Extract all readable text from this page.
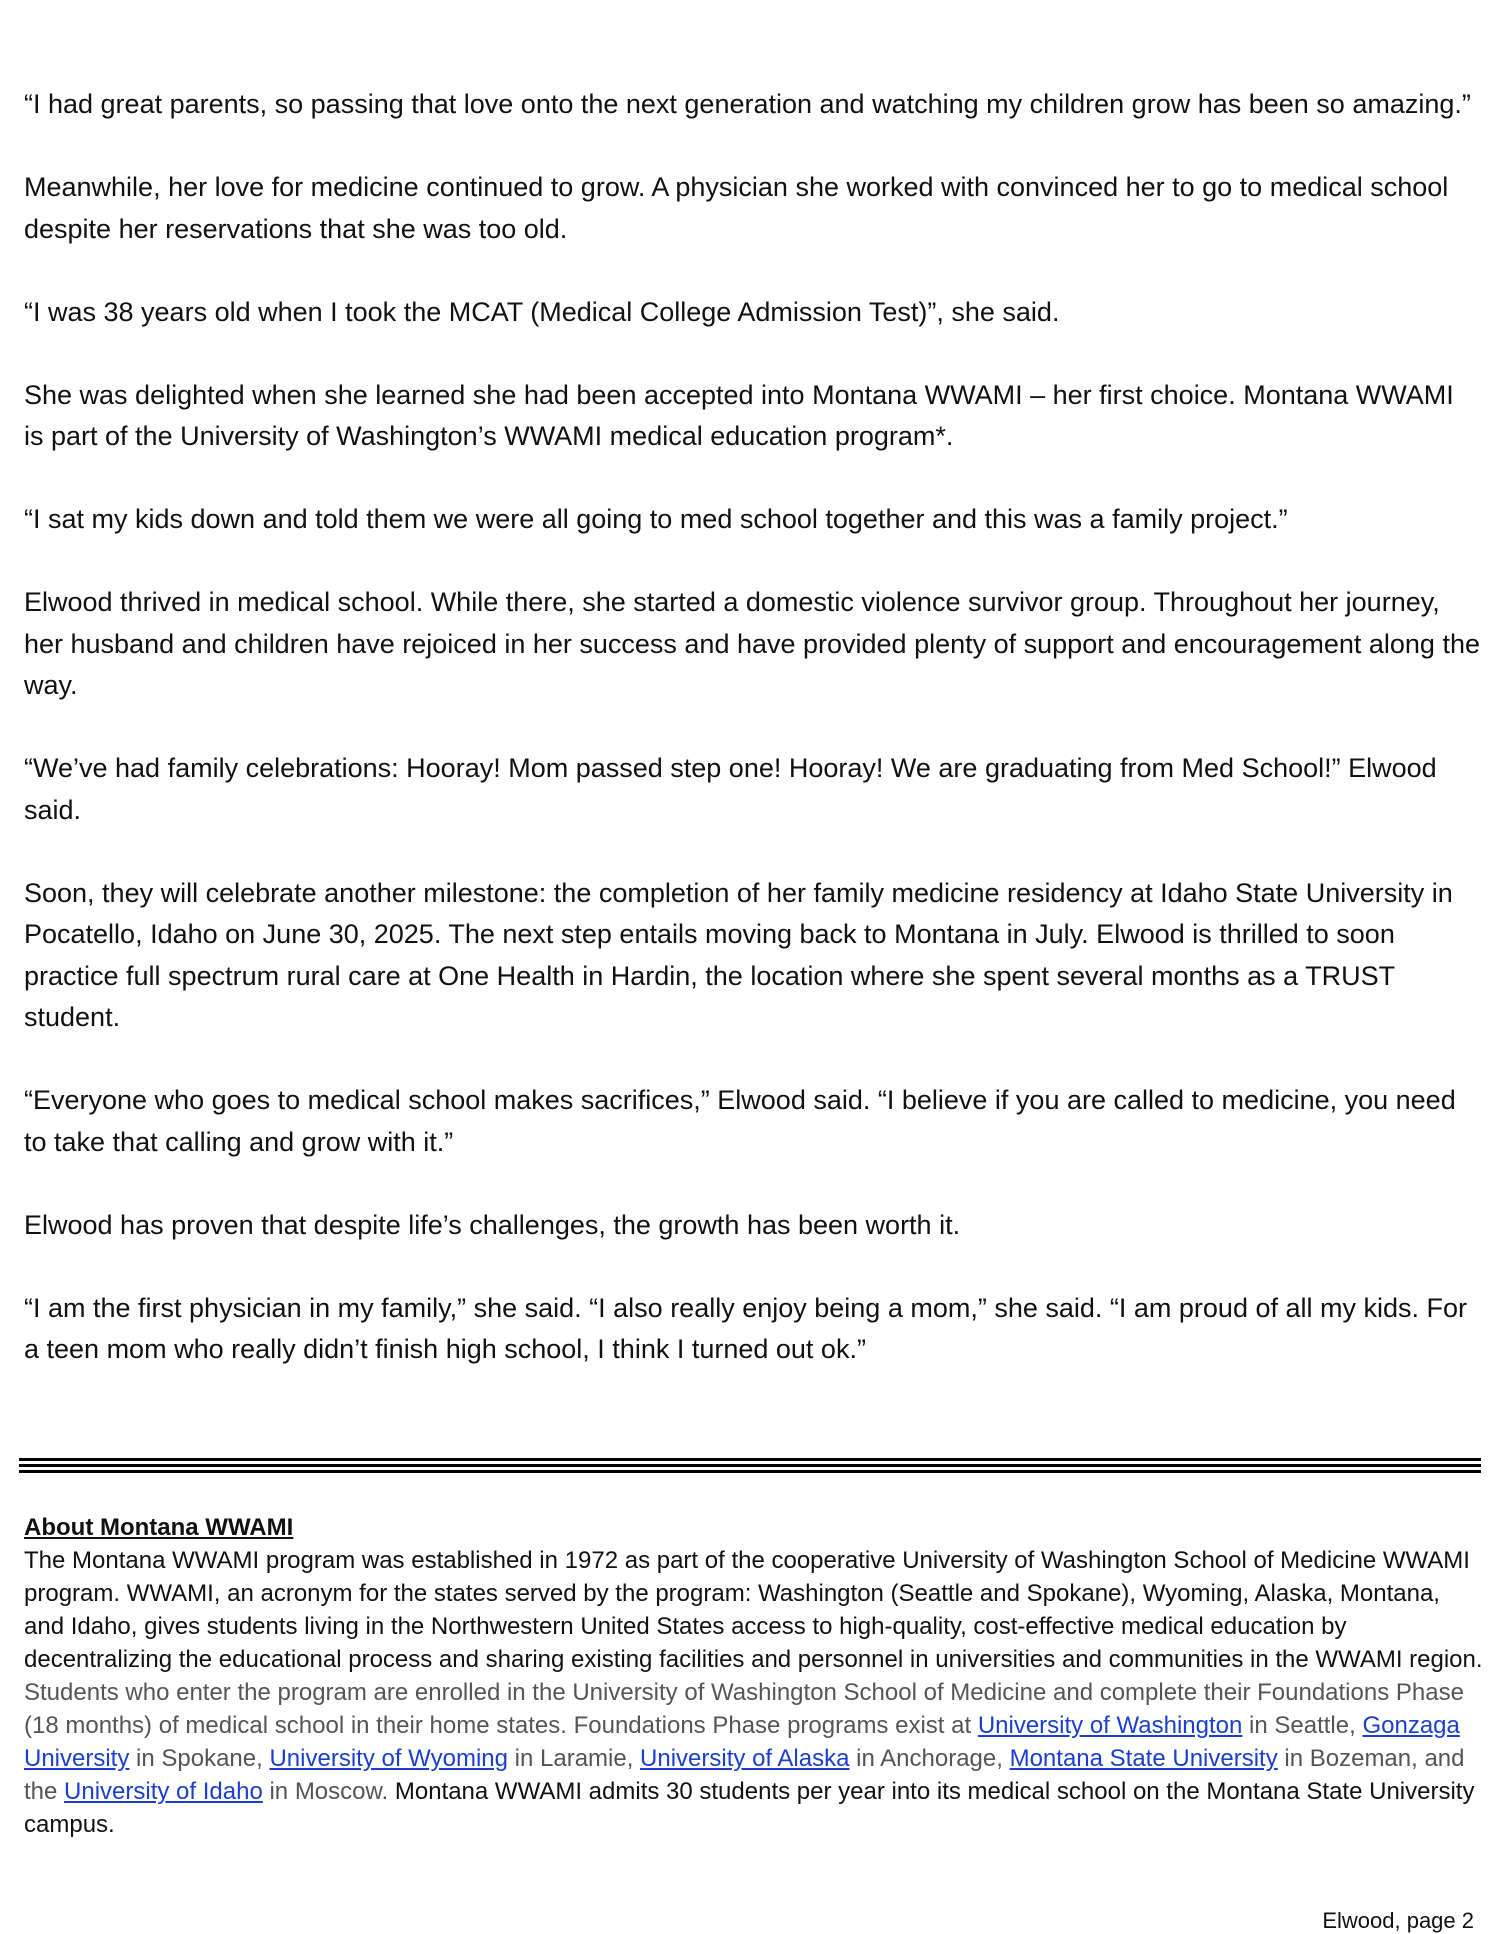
“I had great parents, so passing that love onto the next generation and watching my children grow has been so amazing.”

Meanwhile, her love for medicine continued to grow. A physician she worked with convinced her to go to medical school despite her reservations that she was too old.

“I was 38 years old when I took the MCAT (Medical College Admission Test)”, she said.

She was delighted when she learned she had been accepted into Montana WWAMI – her first choice. Montana WWAMI is part of the University of Washington’s WWAMI medical education program*.

“I sat my kids down and told them we were all going to med school together and this was a family project.”

Elwood thrived in medical school. While there, she started a domestic violence survivor group. Throughout her journey, her husband and children have rejoiced in her success and have provided plenty of support and encouragement along the way.

“We’ve had family celebrations: Hooray! Mom passed step one! Hooray! We are graduating from Med School!” Elwood said.

Soon, they will celebrate another milestone: the completion of her family medicine residency at Idaho State University in Pocatello, Idaho on June 30, 2025. The next step entails moving back to Montana in July. Elwood is thrilled to soon practice full spectrum rural care at One Health in Hardin, the location where she spent several months as a TRUST student.

“Everyone who goes to medical school makes sacrifices,” Elwood said. “I believe if you are called to medicine, you need to take that calling and grow with it.”

Elwood has proven that despite life’s challenges, the growth has been worth it.

“I am the first physician in my family,” she said. “I also really enjoy being a mom,” she said. “I am proud of all my kids. For a teen mom who really didn’t finish high school, I think I turned out ok.”

About Montana WWAMI

The Montana WWAMI program was established in 1972 as part of the cooperative University of Washington School of Medicine WWAMI program. WWAMI, an acronym for the states served by the program: Washington (Seattle and Spokane), Wyoming, Alaska, Montana, and Idaho, gives students living in the Northwestern United States access to high-quality, cost-effective medical education by decentralizing the educational process and sharing existing facilities and personnel in universities and communities in the WWAMI region. Students who enter the program are enrolled in the University of Washington School of Medicine and complete their Foundations Phase (18 months) of medical school in their home states. Foundations Phase programs exist at University of Washington in Seattle, Gonzaga University in Spokane, University of Wyoming in Laramie, University of Alaska in Anchorage, Montana State University in Bozeman, and the University of Idaho in Moscow. Montana WWAMI admits 30 students per year into its medical school on the Montana State University campus.

Elwood, page 2
